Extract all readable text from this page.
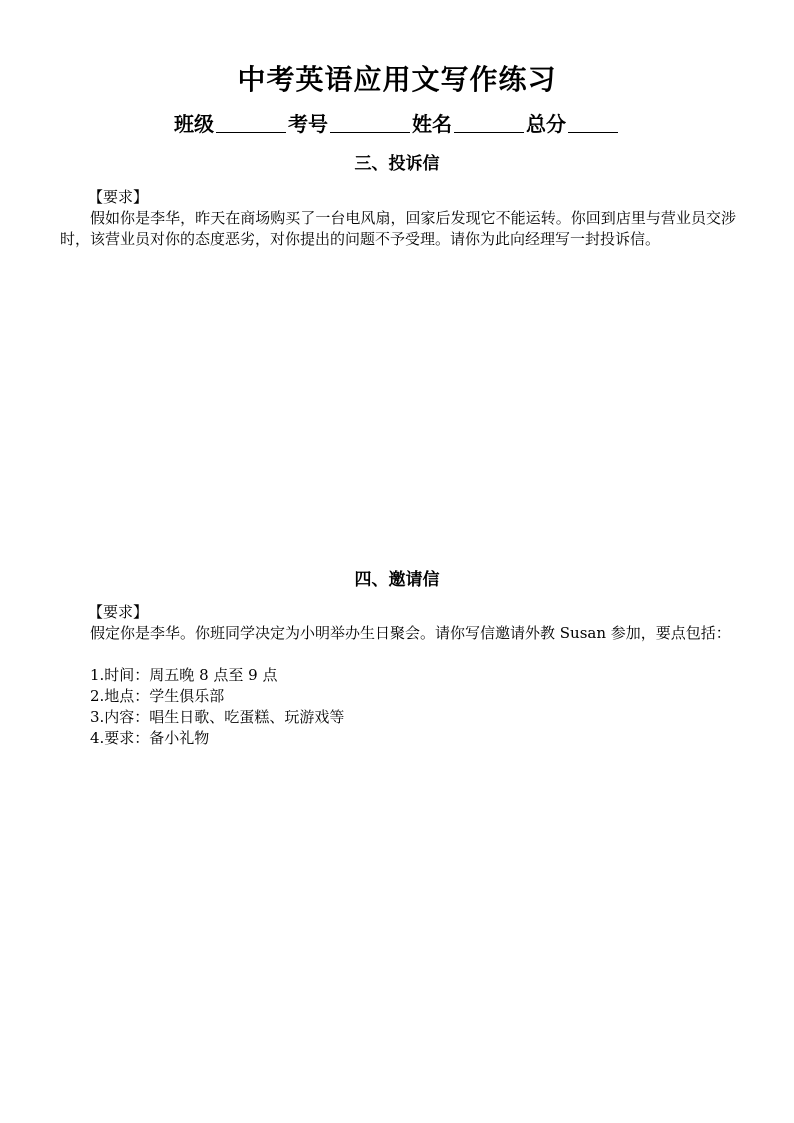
中考英语应用文写作练习
班级	考号	姓名	总分
三、投诉信
【要求】
假如你是李华，昨天在商场购买了一台电风扇，回家后发现它不能运转。你回到店里与营业员交涉时，该营业员对你的态度恶劣，对你提出的问题不予受理。请你为此向经理写一封投诉信。
四、邀请信
【要求】
假定你是李华。你班同学决定为小明举办生日聚会。请你写信邀请外教 Susan 参加，要点包括：
1.时间：周五晚 8 点至 9 点
2.地点：学生俱乐部
3.内容：唱生日歌、吃蛋糕、玩游戏等
4.要求：备小礼物
